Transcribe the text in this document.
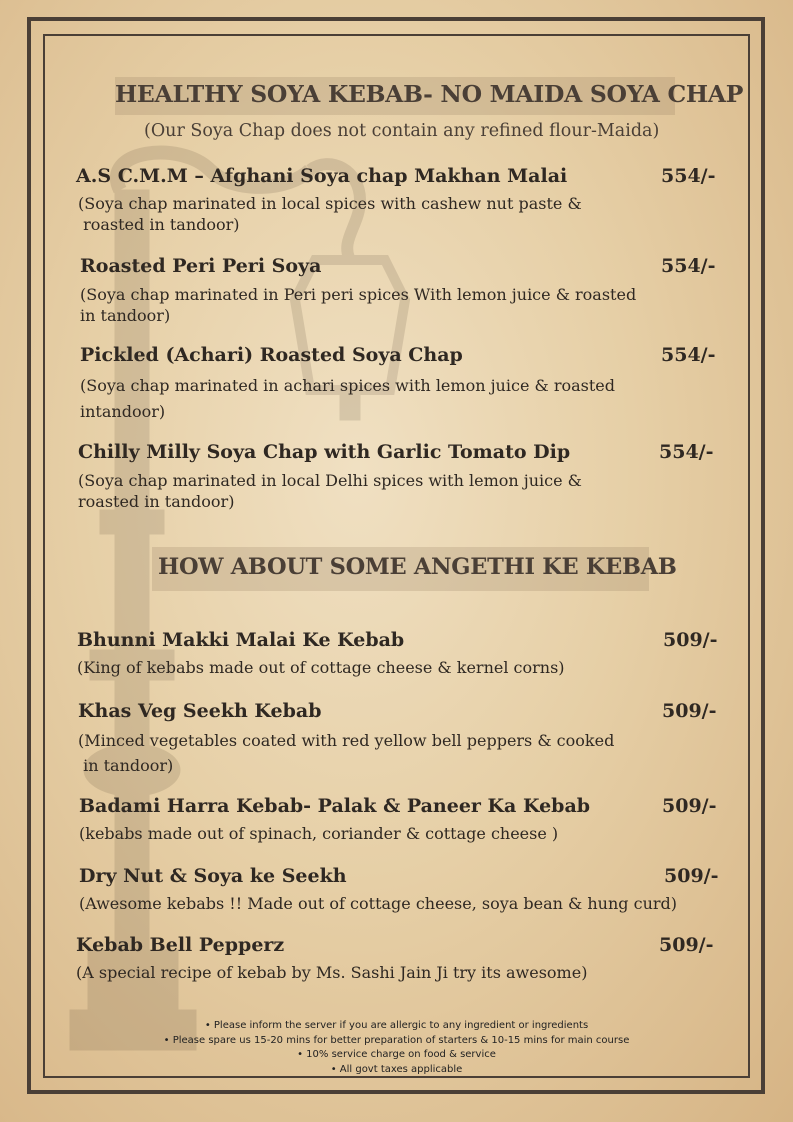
HEALTHY SOYA KEBAB- NO MAIDA SOYA CHAP
(Our Soya Chap does not contain any refined flour-Maida)
A.S C.M.M – Afghani Soya chap Makhan Malai	554/-
(Soya chap marinated in local spices with cashew nut paste &
roasted in tandoor)
Roasted Peri Peri Soya	554/-
(Soya chap marinated in Peri peri spices With lemon juice & roasted
in tandoor)
Pickled (Achari) Roasted Soya Chap	554/-
(Soya chap marinated in achari spices with lemon juice & roasted
intandoor)
Chilly Milly Soya Chap with Garlic Tomato Dip	554/-
(Soya chap marinated in local Delhi spices with lemon juice &
roasted in tandoor)
HOW ABOUT SOME ANGETHI KE KEBAB
Bhunni Makki Malai Ke Kebab	509/-
(King of kebabs made out of cottage cheese & kernel corns)
Khas Veg Seekh Kebab	509/-
(Minced vegetables coated with red yellow bell peppers & cooked
in tandoor)
Badami Harra Kebab- Palak & Paneer Ka Kebab	509/-
(kebabs made out of spinach, coriander & cottage cheese )
Dry Nut & Soya ke Seekh	509/-
(Awesome kebabs !! Made out of cottage cheese, soya bean & hung curd)
Kebab Bell Pepperz	509/-
(A special recipe of kebab by Ms. Sashi Jain Ji try its awesome)
• Please inform the server if you are allergic to any ingredient or ingredients
• Please spare us 15-20 mins for better preparation of starters & 10-15 mins for main course
• 10% service charge on food & service
• All govt taxes applicable
